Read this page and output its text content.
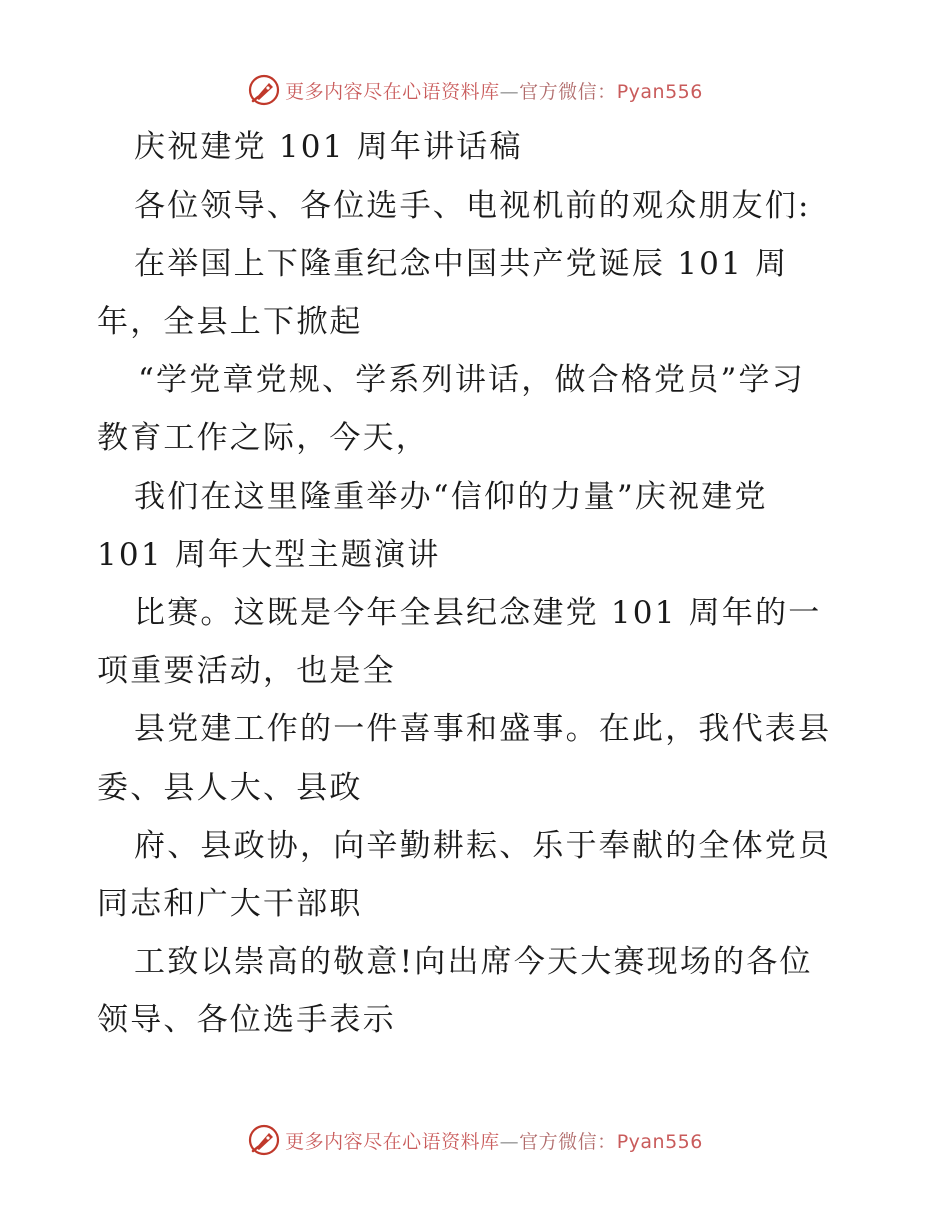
更多内容尽在心语资料库—官方微信：Pyan556
庆祝建党 101 周年讲话稿
各位领导、各位选手、电视机前的观众朋友们:
在举国上下隆重纪念中国共产党诞辰 101 周
年，全县上下掀起
“学党章党规、学系列讲话，做合格党员”学习
教育工作之际，今天，
我们在这里隆重举办“信仰的力量”庆祝建党
101 周年大型主题演讲
比赛。这既是今年全县纪念建党 101 周年的一
项重要活动，也是全
县党建工作的一件喜事和盛事。在此，我代表县
委、县人大、县政
府、县政协，向辛勤耕耘、乐于奉献的全体党员
同志和广大干部职
工致以崇高的敬意!向出席今天大赛现场的各位
领导、各位选手表示
更多内容尽在心语资料库—官方微信：Pyan556
